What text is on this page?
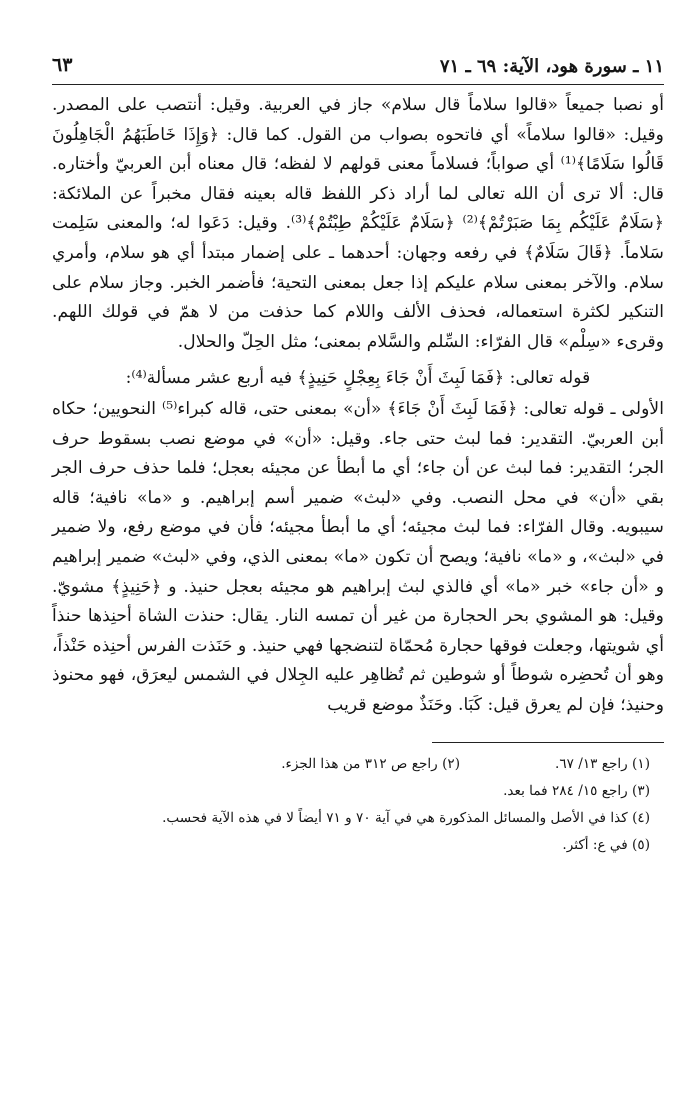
١١ ـ سورة هود، الآية: ٦٩ ـ ٧١
٦٣

أو نصبا جميعاً «قالوا سلاماً قال سلام» جاز في العربية. وقيل: أنتصب على المصدر. وقيل: «قالوا سلاماً» أي فاتحوه بصواب من القول. كما قال: ﴿وَإِذَا خَاطَبَهُمُ الْجَاهِلُونَ قَالُوا سَلَامًا﴾⁽¹⁾ أي صواباً؛ فسلاماً معنى قولهم لا لفظه؛ قال معناه أبن العربيّ وأختاره. قال: ألا ترى أن الله تعالى لما أراد ذكر اللفظ قاله بعينه فقال مخبراً عن الملائكة: ﴿سَلَامٌ عَلَيْكُم بِمَا صَبَرْتُمْ﴾⁽²⁾ ﴿سَلَامٌ عَلَيْكُمْ طِبْتُمْ﴾⁽³⁾. وقيل: دَعَوا له؛ والمعنى سَلِمت سَلاماً. ﴿قَالَ سَلَامٌ﴾ في رفعه وجهان: أحدهما ـ على إضمار مبتدأ أي هو سلام، وأمري سلام. والآخر بمعنى سلام عليكم إذا جعل بمعنى التحية؛ فأضمر الخبر. وجاز سلام على التنكير لكثرة استعماله، فحذف الألف واللام كما حذفت من لا همّ في قولك اللهم. وقرىء «سِلْم» قال الفرّاء: السِّلم والسَّلام بمعنى؛ مثل الحِلّ والحلال.

قوله تعالى: ﴿فَمَا لَبِثَ أَنْ جَاءَ بِعِجْلٍ حَنِيذٍ﴾ فيه أربع عشر مسألة⁽⁴⁾:

الأولى ـ قوله تعالى: ﴿فَمَا لَبِثَ أَنْ جَاءَ﴾ «أن» بمعنى حتى، قاله كبراء⁽⁵⁾ النحويين؛ حكاه أبن العربيّ. التقدير: فما لبث حتى جاء. وقيل: «أن» في موضع نصب بسقوط حرف الجر؛ التقدير: فما لبث عن أن جاء؛ أي ما أبطأ عن مجيئه بعجل؛ فلما حذف حرف الجر بقي «أن» في محل النصب. وفي «لبث» ضمير أسم إبراهيم. و «ما» نافية؛ قاله سيبويه. وقال الفرّاء: فما لبث مجيئه؛ أي ما أبطأ مجيئه؛ فأن في موضع رفع، ولا ضمير في «لبث»، و «ما» نافية؛ ويصح أن تكون «ما» بمعنى الذي، وفي «لبث» ضمير إبراهيم و «أن جاء» خبر «ما» أي فالذي لبث إبراهيم هو مجيئه بعجل حنيذ. و ﴿حَنِيذٍ﴾ مشويّ. وقيل: هو المشوي بحر الحجارة من غير أن تمسه النار. يقال: حنذت الشاة أحنِذها حنذاً أي شويتها، وجعلت فوقها حجارة مُحمّاة لتنضجها فهي حنيذ. و حَنَذت الفرس أحنِذه حَنْذاً، وهو أن تُحضِره شوطاً أو شوطين ثم تُظاهِر عليه الجِلال في الشمس ليعرَق، فهو محنوذ وحنيذ؛ فإن لم يعرق قيل: كَبَا. وحَنَذٌ موضع قريب

(١) راجع ١٣/ ٦٧.
(٢) راجع ص ٣١٢ من هذا الجزء.
(٣) راجع ١٥/ ٢٨٤ فما بعد.
(٤) كذا في الأصل والمسائل المذكورة هي في آية ٧٠ و ٧١ أيضاً لا في هذه الآية فحسب.
(٥) في ع: أكثر.
